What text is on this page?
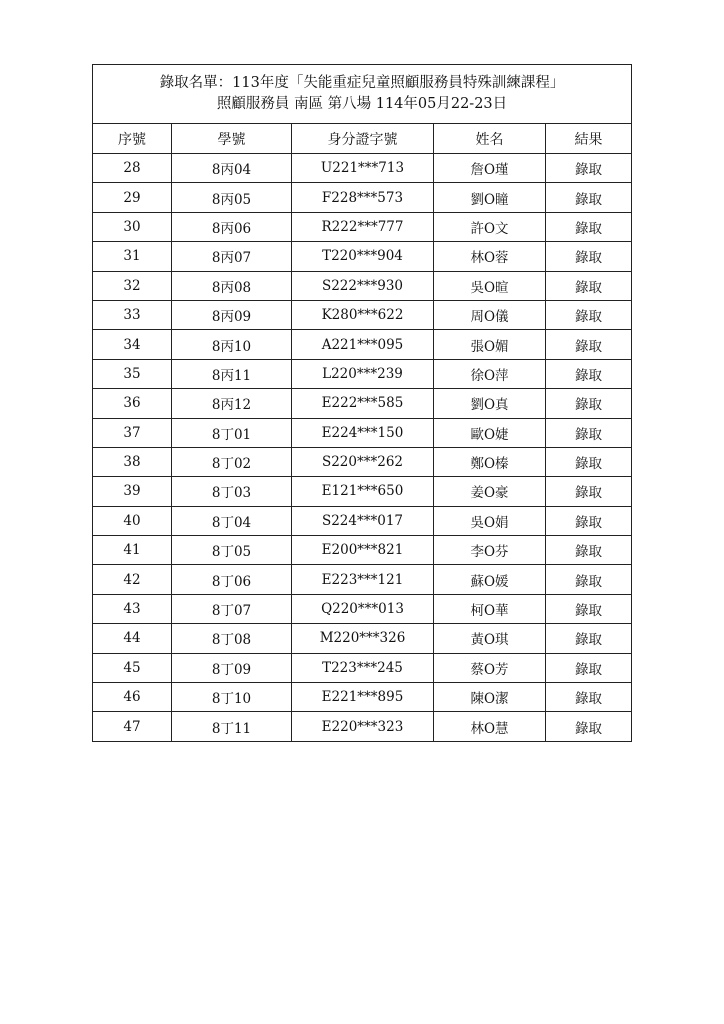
錄取名單：113年度「失能重症兒童照顧服務員特殊訓練課程」
照顧服務員 南區 第八場 114年05月22-23日				

序號	學號	身分證字號	姓名	結果
28	8丙04	U221***713	詹O瑾	錄取
29	8丙05	F228***573	劉O瞳	錄取
30	8丙06	R222***777	許O文	錄取
31	8丙07	T220***904	林O蓉	錄取
32	8丙08	S222***930	吳O暄	錄取
33	8丙09	K280***622	周O儀	錄取
34	8丙10	A221***095	張O媚	錄取
35	8丙11	L220***239	徐O萍	錄取
36	8丙12	E222***585	劉O真	錄取
37	8丁01	E224***150	歐O婕	錄取
38	8丁02	S220***262	鄭O榛	錄取
39	8丁03	E121***650	姜O豪	錄取
40	8丁04	S224***017	吳O娟	錄取
41	8丁05	E200***821	李O芬	錄取
42	8丁06	E223***121	蘇O媛	錄取
43	8丁07	Q220***013	柯O華	錄取
44	8丁08	M220***326	黃O琪	錄取
45	8丁09	T223***245	蔡O芳	錄取
46	8丁10	E221***895	陳O潔	錄取
47	8丁11	E220***323	林O慧	錄取
